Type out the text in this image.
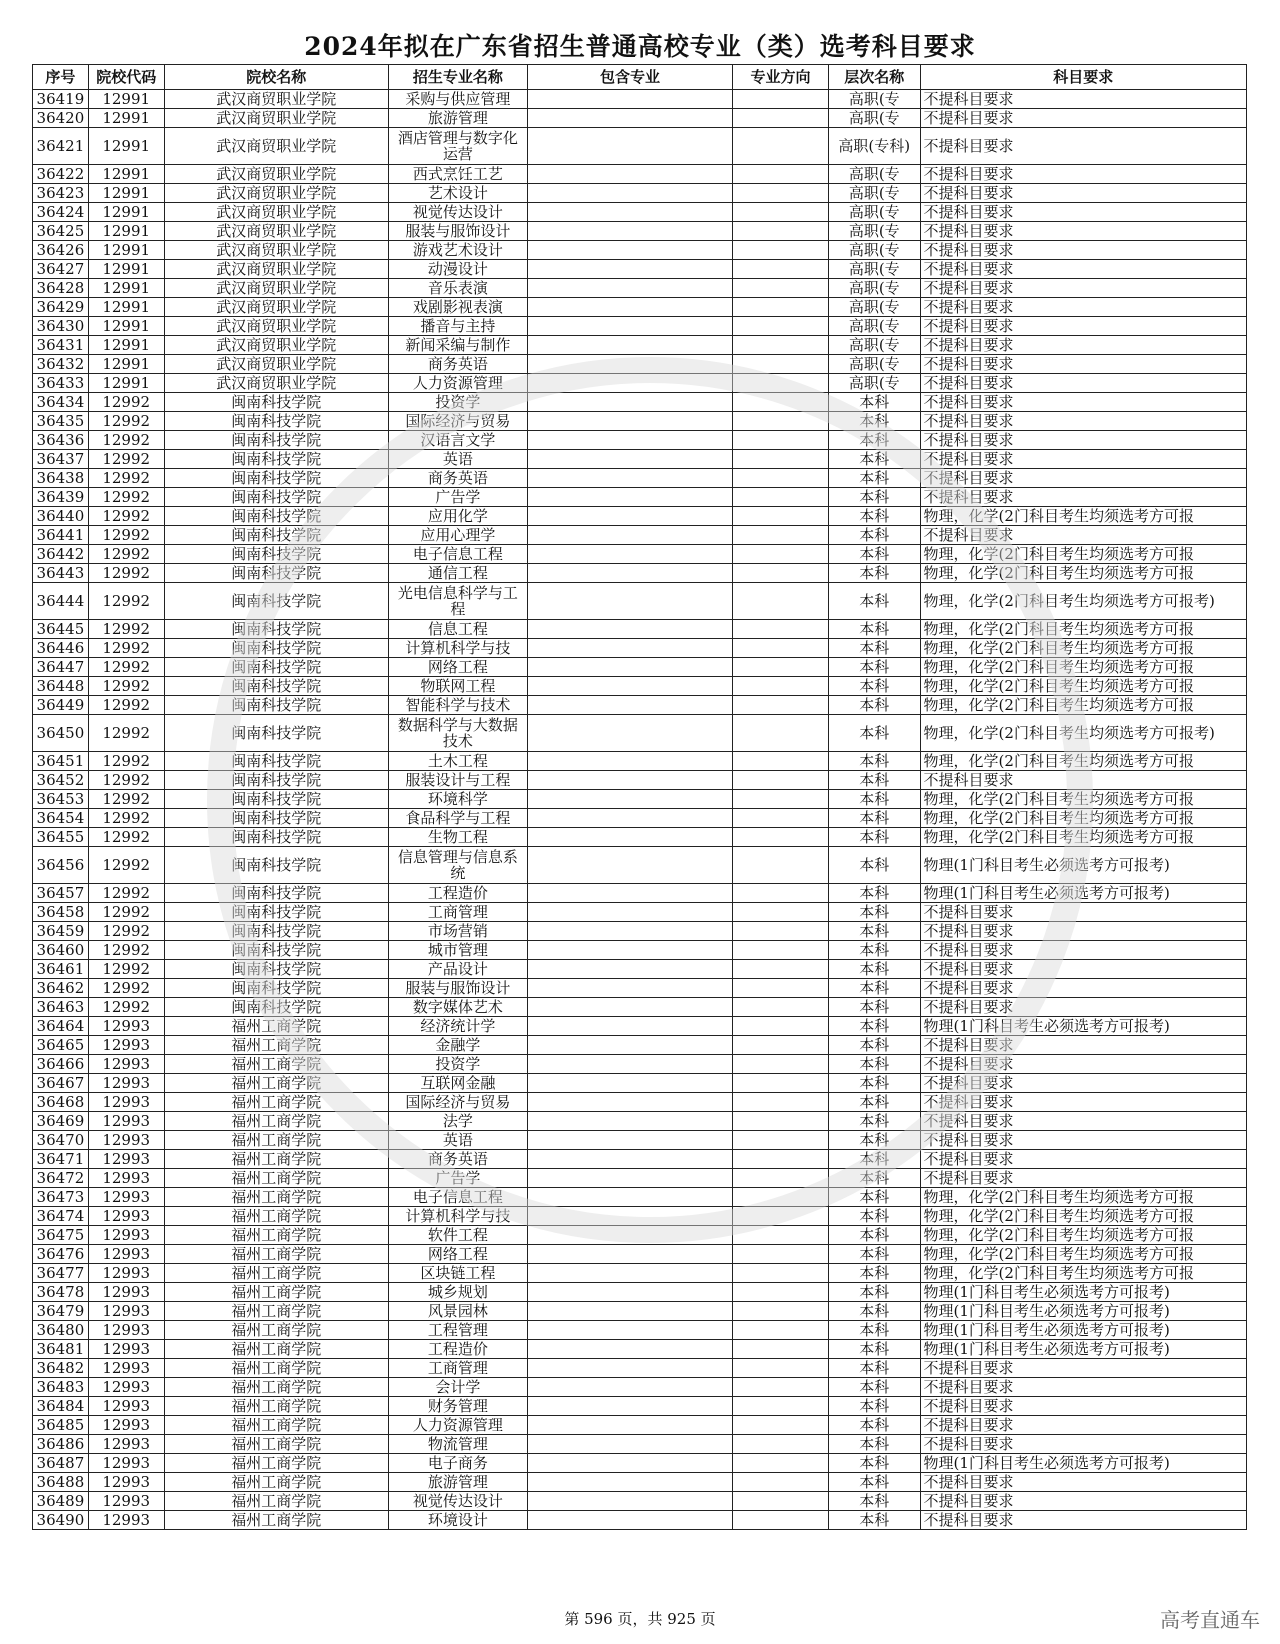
2024年拟在广东省招生普通高校专业（类）选考科目要求
序号	院校代码	院校名称	招生专业名称	包含专业	专业方向	层次名称	科目要求
36419	12991	武汉商贸职业学院	采购与供应管理			高职(专	不提科目要求
36420	12991	武汉商贸职业学院	旅游管理			高职(专	不提科目要求
36421	12991	武汉商贸职业学院	酒店管理与数字化运营			高职(专科)	不提科目要求
36422	12991	武汉商贸职业学院	西式烹饪工艺			高职(专	不提科目要求
36423	12991	武汉商贸职业学院	艺术设计			高职(专	不提科目要求
36424	12991	武汉商贸职业学院	视觉传达设计			高职(专	不提科目要求
36425	12991	武汉商贸职业学院	服装与服饰设计			高职(专	不提科目要求
36426	12991	武汉商贸职业学院	游戏艺术设计			高职(专	不提科目要求
36427	12991	武汉商贸职业学院	动漫设计			高职(专	不提科目要求
36428	12991	武汉商贸职业学院	音乐表演			高职(专	不提科目要求
36429	12991	武汉商贸职业学院	戏剧影视表演			高职(专	不提科目要求
36430	12991	武汉商贸职业学院	播音与主持			高职(专	不提科目要求
36431	12991	武汉商贸职业学院	新闻采编与制作			高职(专	不提科目要求
36432	12991	武汉商贸职业学院	商务英语			高职(专	不提科目要求
36433	12991	武汉商贸职业学院	人力资源管理			高职(专	不提科目要求
36434	12992	闽南科技学院	投资学			本科	不提科目要求
36435	12992	闽南科技学院	国际经济与贸易			本科	不提科目要求
36436	12992	闽南科技学院	汉语言文学			本科	不提科目要求
36437	12992	闽南科技学院	英语			本科	不提科目要求
36438	12992	闽南科技学院	商务英语			本科	不提科目要求
36439	12992	闽南科技学院	广告学			本科	不提科目要求
36440	12992	闽南科技学院	应用化学			本科	物理，化学(2门科目考生均须选考方可报
36441	12992	闽南科技学院	应用心理学			本科	不提科目要求
36442	12992	闽南科技学院	电子信息工程			本科	物理，化学(2门科目考生均须选考方可报
36443	12992	闽南科技学院	通信工程			本科	物理，化学(2门科目考生均须选考方可报
36444	12992	闽南科技学院	光电信息科学与工程			本科	物理，化学(2门科目考生均须选考方可报考)
36445	12992	闽南科技学院	信息工程			本科	物理，化学(2门科目考生均须选考方可报
36446	12992	闽南科技学院	计算机科学与技			本科	物理，化学(2门科目考生均须选考方可报
36447	12992	闽南科技学院	网络工程			本科	物理，化学(2门科目考生均须选考方可报
36448	12992	闽南科技学院	物联网工程			本科	物理，化学(2门科目考生均须选考方可报
36449	12992	闽南科技学院	智能科学与技术			本科	物理，化学(2门科目考生均须选考方可报
36450	12992	闽南科技学院	数据科学与大数据技术			本科	物理，化学(2门科目考生均须选考方可报考)
36451	12992	闽南科技学院	土木工程			本科	物理，化学(2门科目考生均须选考方可报
36452	12992	闽南科技学院	服装设计与工程			本科	不提科目要求
36453	12992	闽南科技学院	环境科学			本科	物理，化学(2门科目考生均须选考方可报
36454	12992	闽南科技学院	食品科学与工程			本科	物理，化学(2门科目考生均须选考方可报
36455	12992	闽南科技学院	生物工程			本科	物理，化学(2门科目考生均须选考方可报
36456	12992	闽南科技学院	信息管理与信息系统			本科	物理(1门科目考生必须选考方可报考)
36457	12992	闽南科技学院	工程造价			本科	物理(1门科目考生必须选考方可报考)
36458	12992	闽南科技学院	工商管理			本科	不提科目要求
36459	12992	闽南科技学院	市场营销			本科	不提科目要求
36460	12992	闽南科技学院	城市管理			本科	不提科目要求
36461	12992	闽南科技学院	产品设计			本科	不提科目要求
36462	12992	闽南科技学院	服装与服饰设计			本科	不提科目要求
36463	12992	闽南科技学院	数字媒体艺术			本科	不提科目要求
36464	12993	福州工商学院	经济统计学			本科	物理(1门科目考生必须选考方可报考)
36465	12993	福州工商学院	金融学			本科	不提科目要求
36466	12993	福州工商学院	投资学			本科	不提科目要求
36467	12993	福州工商学院	互联网金融			本科	不提科目要求
36468	12993	福州工商学院	国际经济与贸易			本科	不提科目要求
36469	12993	福州工商学院	法学			本科	不提科目要求
36470	12993	福州工商学院	英语			本科	不提科目要求
36471	12993	福州工商学院	商务英语			本科	不提科目要求
36472	12993	福州工商学院	广告学			本科	不提科目要求
36473	12993	福州工商学院	电子信息工程			本科	物理，化学(2门科目考生均须选考方可报
36474	12993	福州工商学院	计算机科学与技			本科	物理，化学(2门科目考生均须选考方可报
36475	12993	福州工商学院	软件工程			本科	物理，化学(2门科目考生均须选考方可报
36476	12993	福州工商学院	网络工程			本科	物理，化学(2门科目考生均须选考方可报
36477	12993	福州工商学院	区块链工程			本科	物理，化学(2门科目考生均须选考方可报
36478	12993	福州工商学院	城乡规划			本科	物理(1门科目考生必须选考方可报考)
36479	12993	福州工商学院	风景园林			本科	物理(1门科目考生必须选考方可报考)
36480	12993	福州工商学院	工程管理			本科	物理(1门科目考生必须选考方可报考)
36481	12993	福州工商学院	工程造价			本科	物理(1门科目考生必须选考方可报考)
36482	12993	福州工商学院	工商管理			本科	不提科目要求
36483	12993	福州工商学院	会计学			本科	不提科目要求
36484	12993	福州工商学院	财务管理			本科	不提科目要求
36485	12993	福州工商学院	人力资源管理			本科	不提科目要求
36486	12993	福州工商学院	物流管理			本科	不提科目要求
36487	12993	福州工商学院	电子商务			本科	物理(1门科目考生必须选考方可报考)
36488	12993	福州工商学院	旅游管理			本科	不提科目要求
36489	12993	福州工商学院	视觉传达设计			本科	不提科目要求
36490	12993	福州工商学院	环境设计			本科	不提科目要求
第 596 页，共 925 页	高考直通车
